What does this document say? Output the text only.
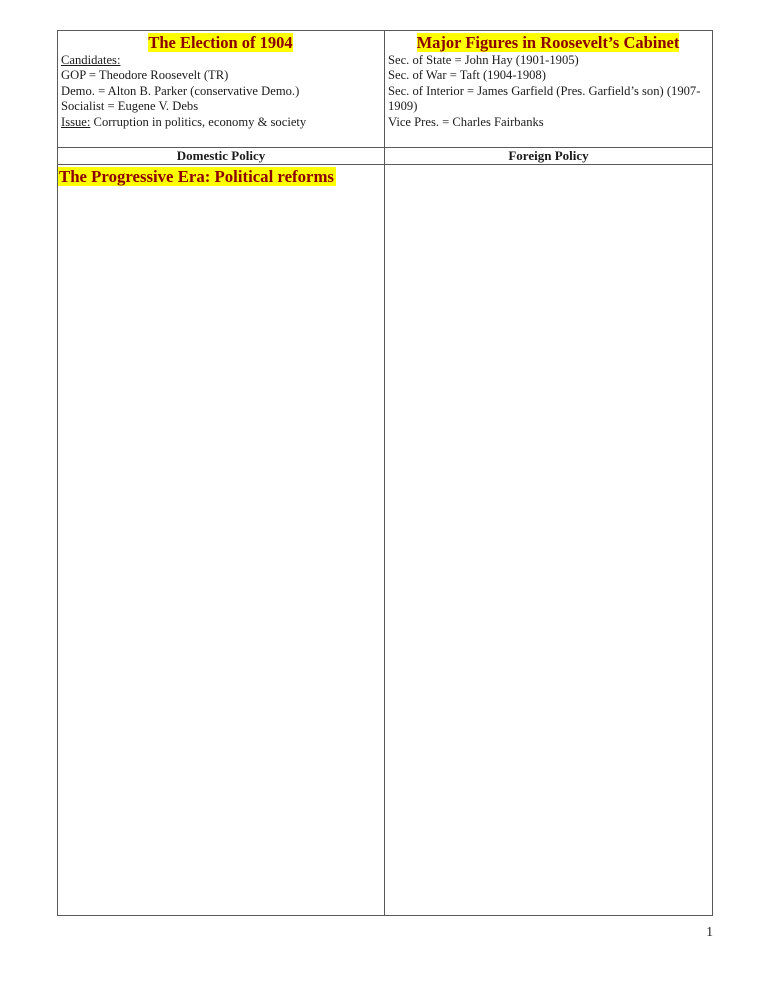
The Election of 1904
Candidates:
GOP = Theodore Roosevelt (TR)
Demo. = Alton B. Parker (conservative Demo.)
Socialist = Eugene V. Debs
Issue: Corruption in politics, economy & society
Major Figures in Roosevelt’s Cabinet
Sec. of State = John Hay (1901-1905)
Sec. of War = Taft (1904-1908)
Sec. of Interior = James Garfield (Pres. Garfield’s son) (1907-1909)
Vice Pres. = Charles Fairbanks
Domestic Policy	Foreign Policy
The Progressive Era: Political reforms
1
